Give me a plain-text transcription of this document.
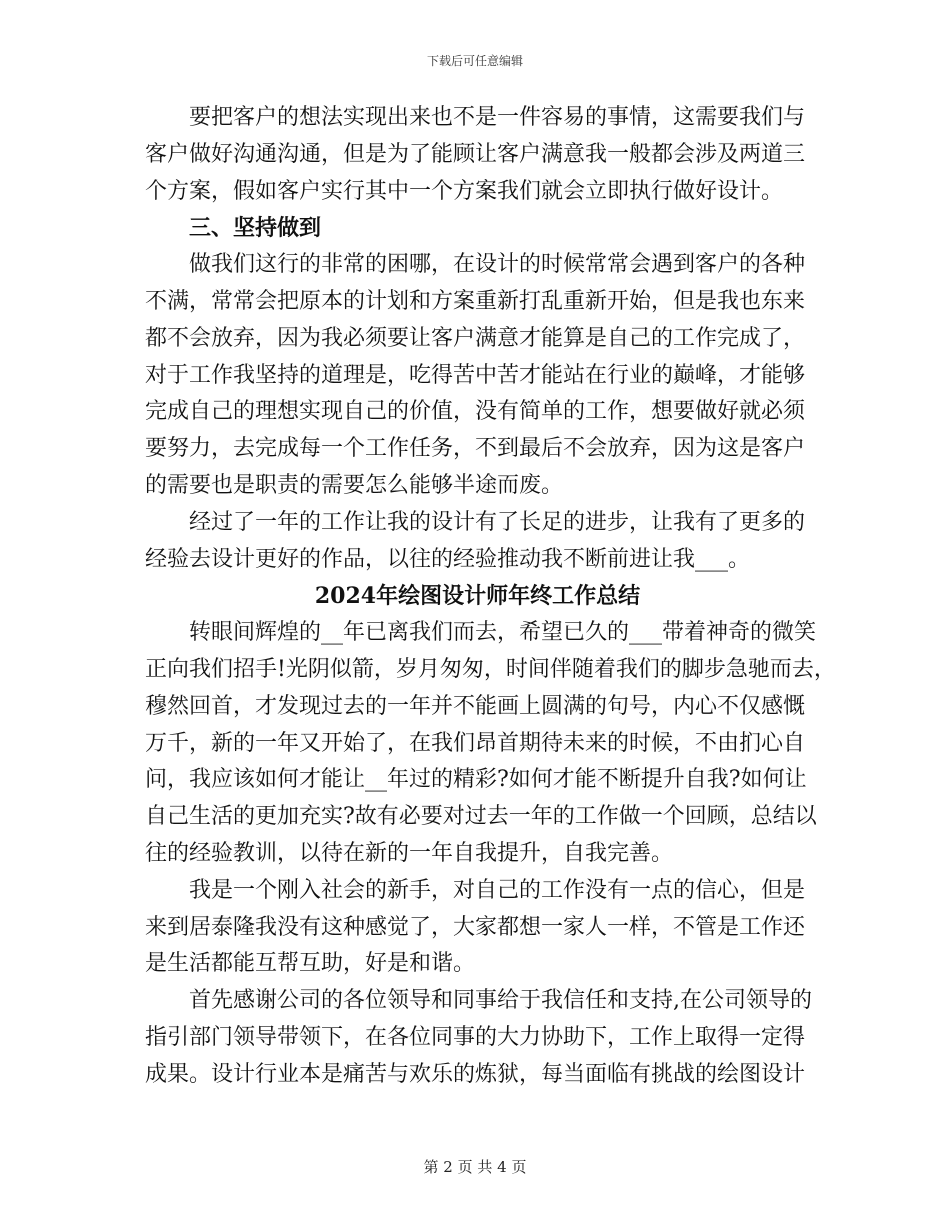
下载后可任意编辑
要把客户的想法实现出来也不是一件容易的事情，这需要我们与
客户做好沟通沟通，但是为了能顾让客户满意我一般都会涉及两道三
个方案，假如客户实行其中一个方案我们就会立即执行做好设计。
三、坚持做到
做我们这行的非常的困哪，在设计的时候常常会遇到客户的各种
不满，常常会把原本的计划和方案重新打乱重新开始，但是我也东来
都不会放弃，因为我必须要让客户满意才能算是自己的工作完成了，
对于工作我坚持的道理是，吃得苦中苦才能站在行业的巅峰，才能够
完成自己的理想实现自己的价值，没有简单的工作，想要做好就必须
要努力，去完成每一个工作任务，不到最后不会放弃，因为这是客户
的需要也是职责的需要怎么能够半途而废。
经过了一年的工作让我的设计有了长足的进步，让我有了更多的
经验去设计更好的作品，以往的经验推动我不断前进让我___。
2024年绘图设计师年终工作总结
转眼间辉煌的__年已离我们而去，希望已久的___带着神奇的微笑
正向我们招手!光阴似箭，岁月匆匆，时间伴随着我们的脚步急驰而去，
穆然回首，才发现过去的一年并不能画上圆满的句号，内心不仅感慨
万千，新的一年又开始了，在我们昂首期待未来的时候，不由扪心自
问，我应该如何才能让__年过的精彩?如何才能不断提升自我?如何让
自己生活的更加充实?故有必要对过去一年的工作做一个回顾，总结以
往的经验教训，以待在新的一年自我提升，自我完善。
我是一个刚入社会的新手，对自己的工作没有一点的信心，但是
来到居泰隆我没有这种感觉了，大家都想一家人一样，不管是工作还
是生活都能互帮互助，好是和谐。
首先感谢公司的各位领导和同事给于我信任和支持,在公司领导的
指引部门领导带领下，在各位同事的大力协助下，工作上取得一定得
成果。设计行业本是痛苦与欢乐的炼狱，每当面临有挑战的绘图设计
第 2 页 共 4 页
